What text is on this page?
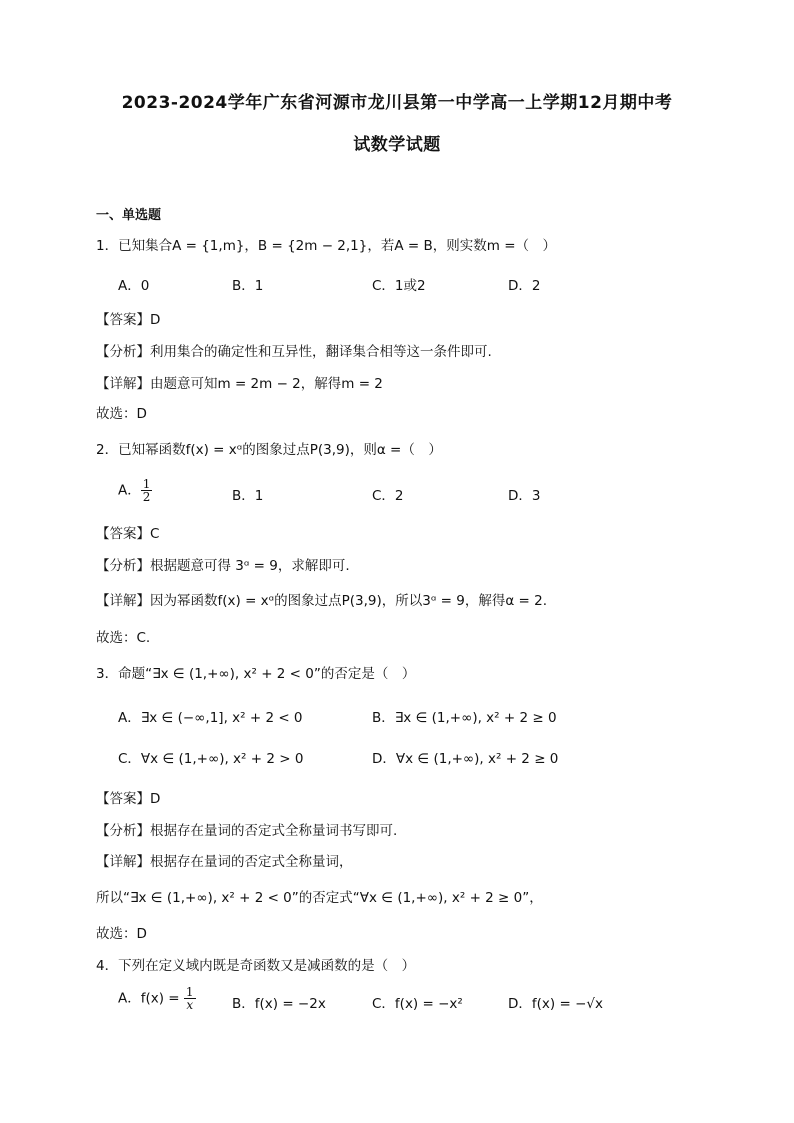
2023-2024学年广东省河源市龙川县第一中学高一上学期12月期中考
试数学试题
一、单选题
1．已知集合A = {1,m}，B = {2m − 2,1}，若A = B，则实数m =（　）
A．0	B．1	C．1或2	D．2
【答案】D
【分析】利用集合的确定性和互异性，翻译集合相等这一条件即可.
【详解】由题意可知m = 2m − 2，解得m = 2
故选：D
2．已知幂函数f(x) = xᵅ的图象过点P(3,9)，则α =（　）
A． $\frac{1}{2}$	B．1	C．2	D．3
【答案】C
【分析】根据题意可得 3ᵅ = 9，求解即可.
【详解】因为幂函数f(x) = xᵅ的图象过点P(3,9)，所以3ᵅ = 9，解得α = 2.
故选：C.
3．命题“∃x ∈ (1,+∞), x² + 2 < 0”的否定是（　）
A．∃x ∈ (−∞,1], x² + 2 < 0	B．∃x ∈ (1,+∞), x² + 2 ≥ 0
C．∀x ∈ (1,+∞), x² + 2 > 0	D．∀x ∈ (1,+∞), x² + 2 ≥ 0
【答案】D
【分析】根据存在量词的否定式全称量词书写即可.
【详解】根据存在量词的否定式全称量词，
所以“∃x ∈ (1,+∞), x² + 2 < 0”的否定式“∀x ∈ (1,+∞), x² + 2 ≥ 0”，
故选：D
4．下列在定义域内既是奇函数又是减函数的是（　）
A．$f(x) = \frac{1}{x}$	B．f(x) = −2x	C．f(x) = −x²	D．f(x) = −√x
